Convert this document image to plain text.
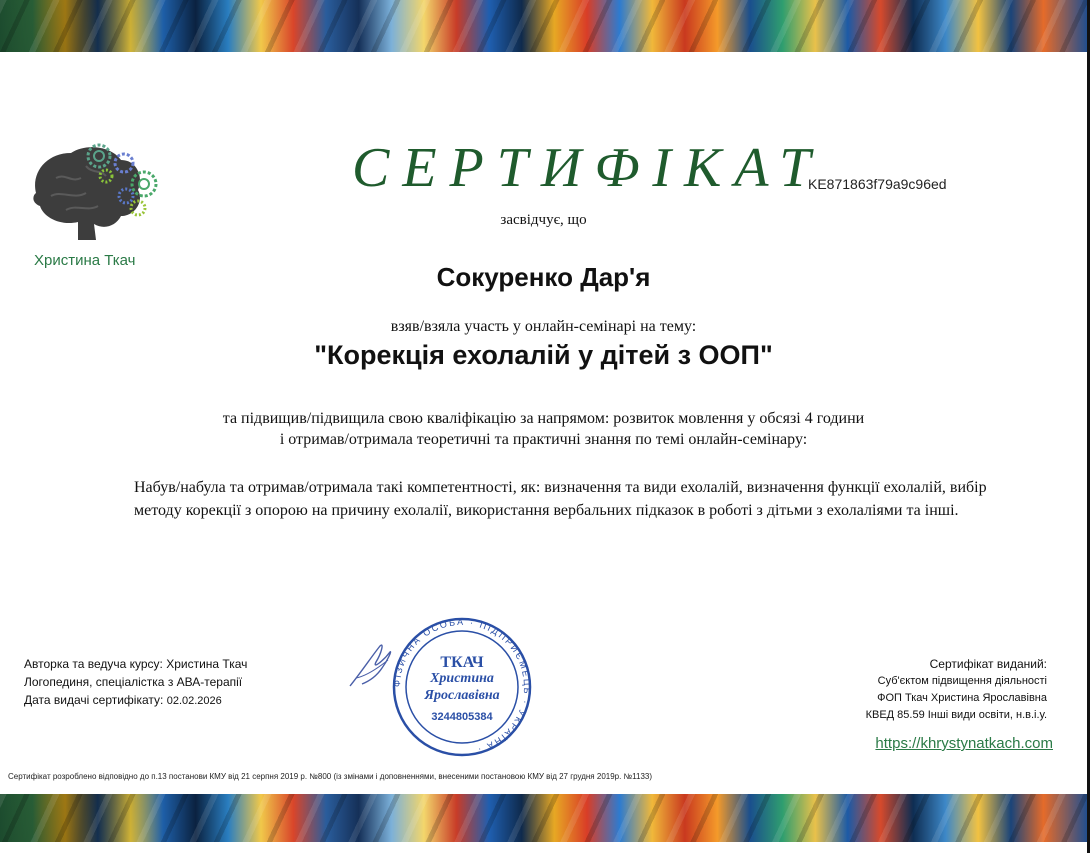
Христина Ткач
СЕРТИФІКАТ
KE871863f79a9c96ed
засвідчує, що
Сокуренко Дар'я
взяв/взяла участь у онлайн-семінарі на тему:
"Корекція ехолалій у дітей з ООП"
та підвищив/підвищила свою кваліфікацію за напрямом: розвиток мовлення у обсязі 4 години
і отримав/отримала теоретичні та практичні знання по темі онлайн-семінару:
Набув/набула та отримав/отримала такі компетентності, як: визначення та види ехолалій, визначення функції ехолалій, вибір методу корекції з опорою на причину ехолалії, використання вербальних підказок в роботі з дітьми з ехолаліями та інші.
Авторка та ведуча курсу: Христина Ткач
Логопединя, спеціалістка з АВА-терапії
Дата видачі сертифікату: 02.02.2026
ФІЗИЧНА ОСОБА · ПІДПРИЄМЕЦЬ · УКРАЇНА ·
ТКАЧ
Христина
Ярославівна
3244805384
Сертифікат виданий:
Суб'єктом підвищення діяльності
ФОП Ткач Христина Ярославівна
КВЕД 85.59 Інші види освіти, н.в.і.у.
https://khrystynatkach.com
Сертифікат розроблено відповідно до п.13 постанови КМУ від 21 серпня 2019 р. №800 (із змінами і доповненнями, внесеними постановою КМУ від 27 грудня 2019р. №1133)
